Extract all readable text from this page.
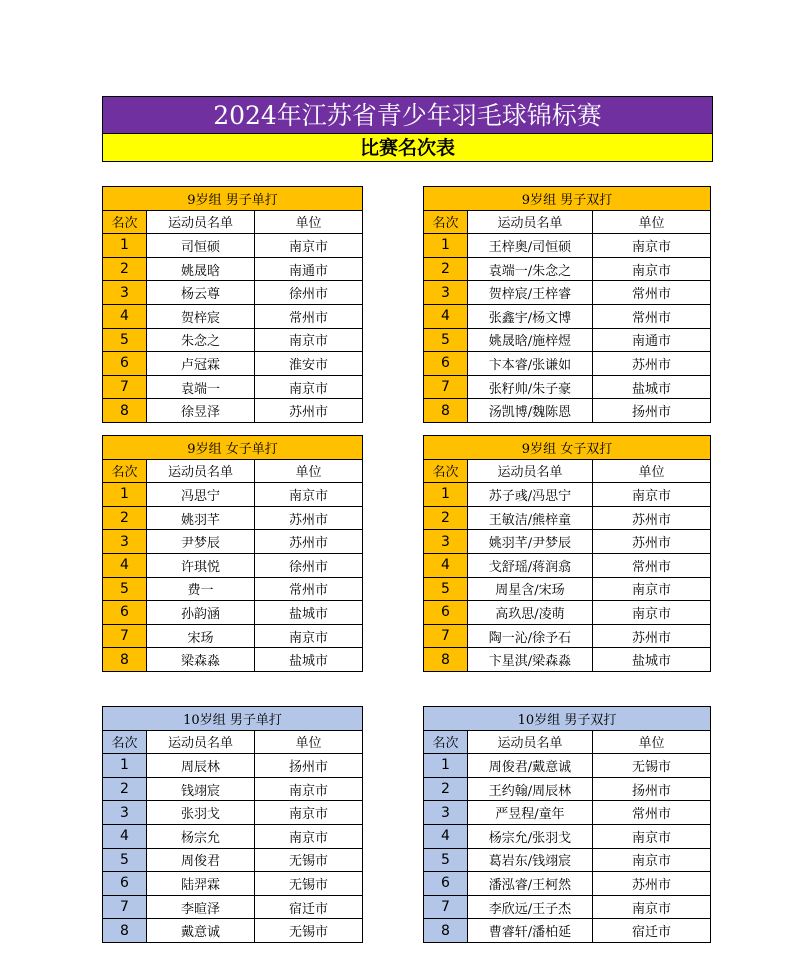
2024年江苏省青少年羽毛球锦标赛
比赛名次表
9岁组 男子单打		
名次	运动员名单	单位
1	司恒硕	南京市
2	姚晟晗	南通市
3	杨云尊	徐州市
4	贺梓宸	常州市
5	朱念之	南京市
6	卢冠霖	淮安市
7	袁端一	南京市
8	徐昱泽	苏州市
9岁组 男子双打		
名次	运动员名单	单位
1	王梓奥/司恒硕	南京市
2	袁端一/朱念之	南京市
3	贺梓宸/王梓睿	常州市
4	张鑫宇/杨文博	常州市
5	姚晟晗/施梓煜	南通市
6	卞本睿/张谦如	苏州市
7	张籽帅/朱子豪	盐城市
8	汤凯博/魏陈恩	扬州市
9岁组 女子单打		
名次	运动员名单	单位
1	冯思宁	南京市
2	姚羽芊	苏州市
3	尹梦辰	苏州市
4	许琪悦	徐州市
5	费一	常州市
6	孙韵涵	盐城市
7	宋玚	南京市
8	梁森淼	盐城市
9岁组 女子双打		
名次	运动员名单	单位
1	苏子彧/冯思宁	南京市
2	王敏洁/熊梓童	苏州市
3	姚羽芊/尹梦辰	苏州市
4	戈舒瑶/蒋润翕	常州市
5	周星含/宋玚	南京市
6	高玖思/凌萌	南京市
7	陶一沁/徐予石	苏州市
8	卞星淇/梁森淼	盐城市
10岁组 男子单打		
名次	运动员名单	单位
1	周辰林	扬州市
2	钱翊宸	南京市
3	张羽戈	南京市
4	杨宗允	南京市
5	周俊君	无锡市
6	陆羿霖	无锡市
7	李暄泽	宿迁市
8	戴意诚	无锡市
10岁组 男子双打		
名次	运动员名单	单位
1	周俊君/戴意诚	无锡市
2	王约翰/周辰林	扬州市
3	严昱程/童年	常州市
4	杨宗允/张羽戈	南京市
5	葛岩东/钱翊宸	南京市
6	潘泓睿/王柯然	苏州市
7	李欣远/王子杰	南京市
8	曹睿轩/潘柏延	宿迁市
